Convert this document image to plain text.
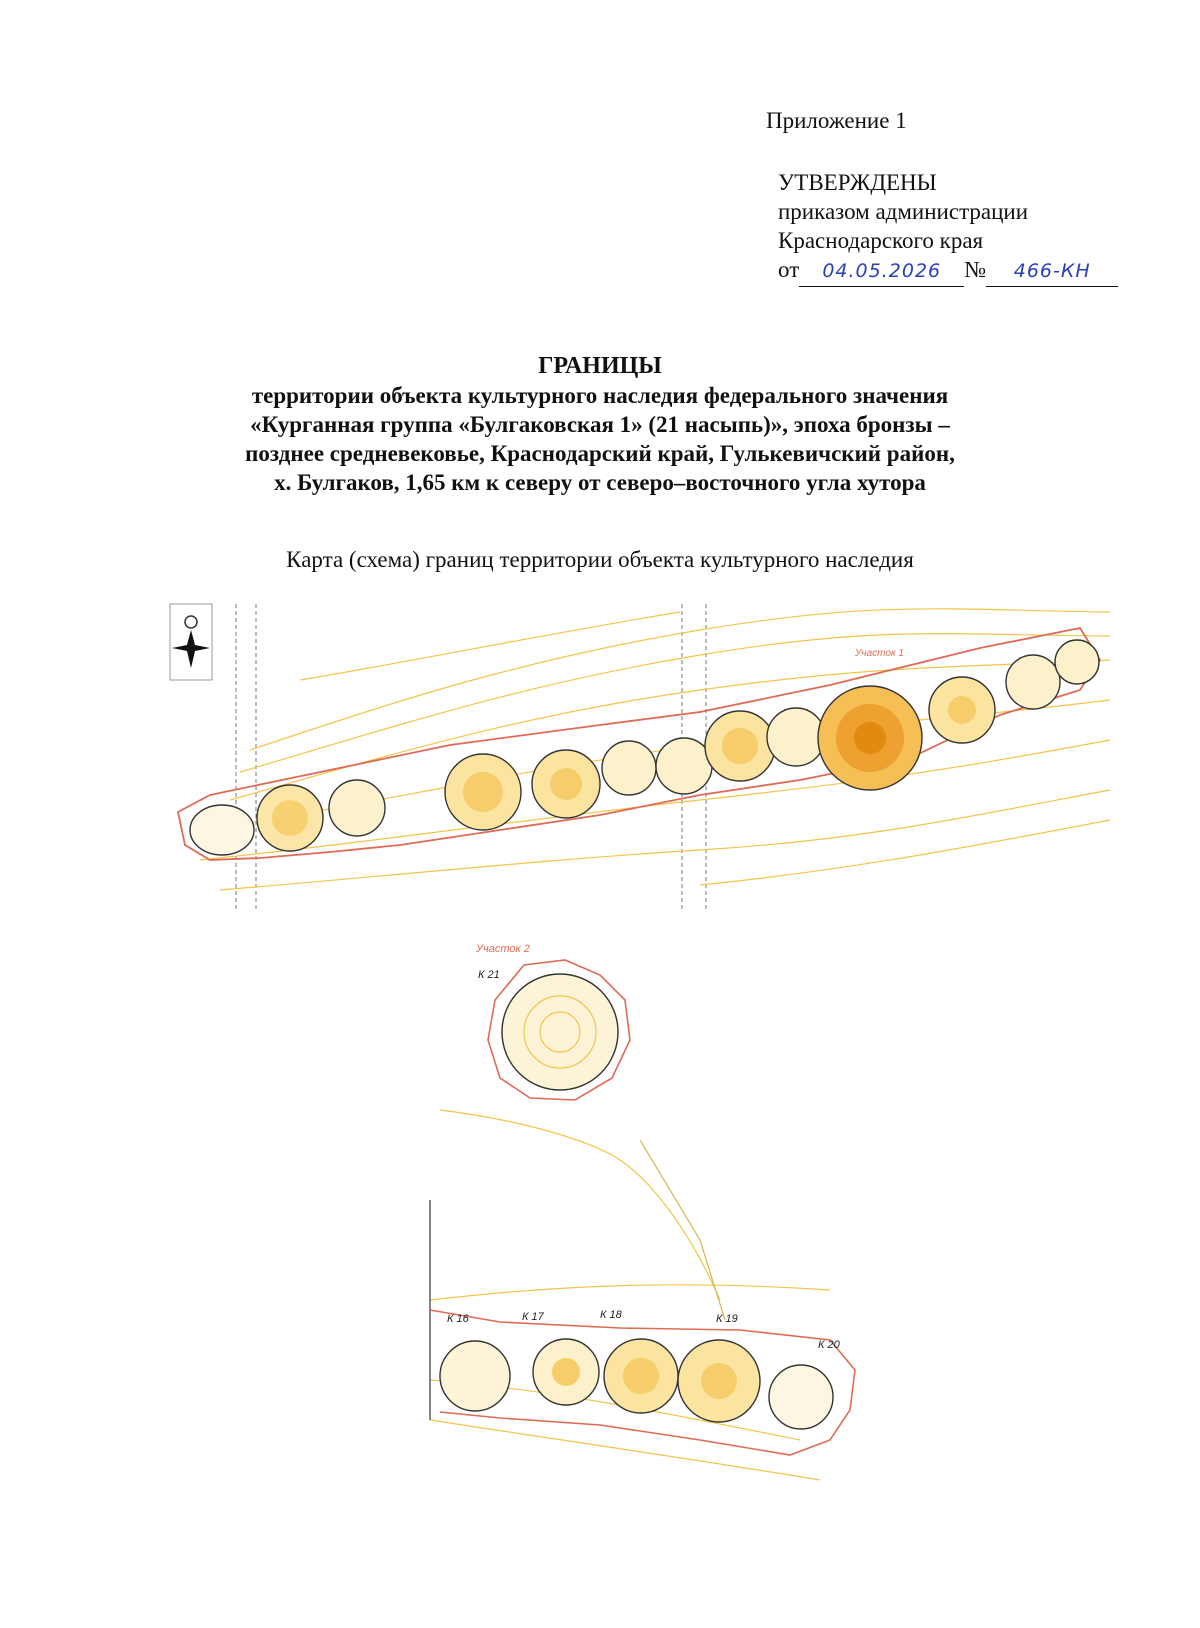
Приложение 1
УТВЕРЖДЕНЫ
приказом администрации
Краснодарского края
от 04.05.2026 № 466-КН
ГРАНИЦЫ
территории объекта культурного наследия федерального значения
«Курганная группа «Булгаковская 1» (21 насыпь)», эпоха бронзы –
позднее средневековье, Краснодарский край, Гулькевичский район,
х. Булгаков, 1,65 км к северу от северо–восточного угла хутора
Карта (схема) границ территории объекта культурного наследия
Участок 1
Участок 2
К 21
К 16	К 17	К 18	К 19
К 20
